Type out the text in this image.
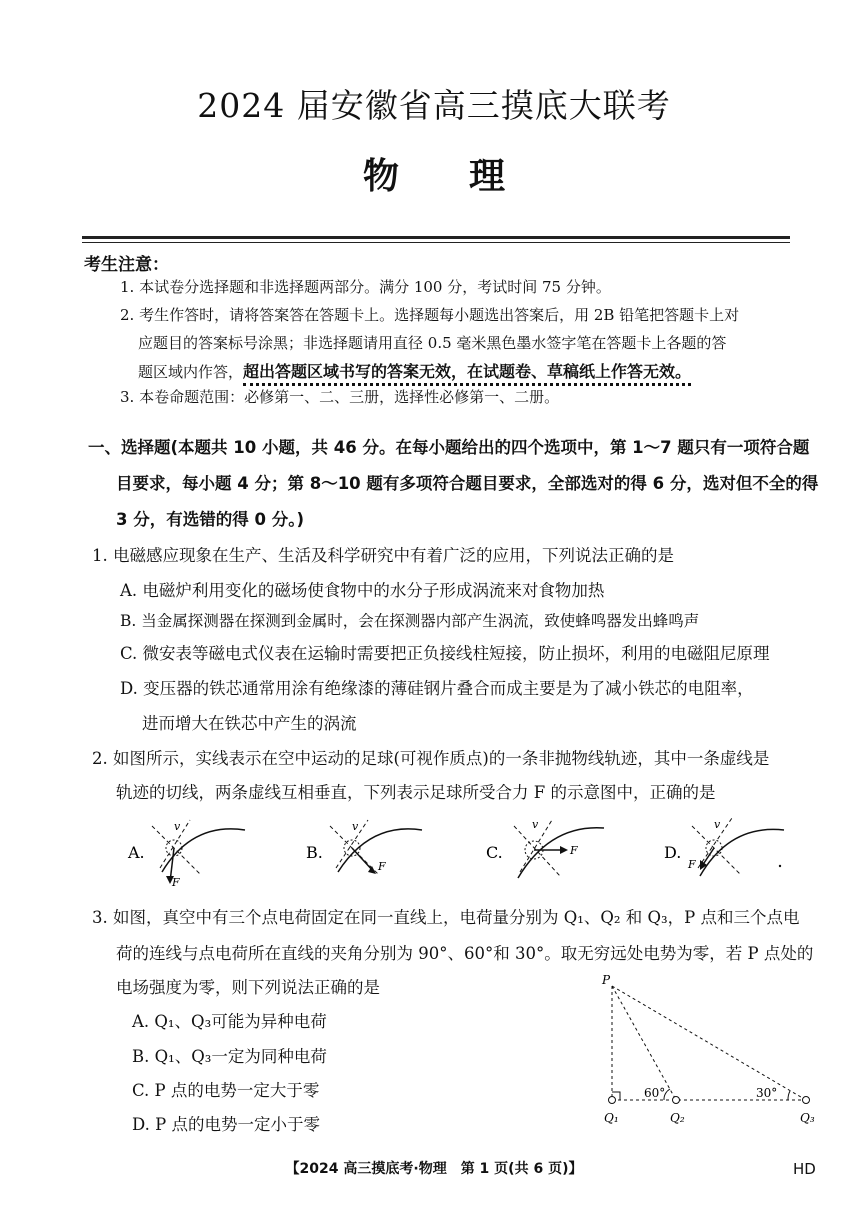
2024 届安徽省高三摸底大联考
物理
考生注意：
1. 本试卷分选择题和非选择题两部分。满分 100 分，考试时间 75 分钟。
2. 考生作答时，请将答案答在答题卡上。选择题每小题选出答案后，用 2B 铅笔把答题卡上对
应题目的答案标号涂黑；非选择题请用直径 0.5 毫米黑色墨水签字笔在答题卡上各题的答
题区域内作答，超出答题区域书写的答案无效，在试题卷、草稿纸上作答无效。
3. 本卷命题范围：必修第一、二、三册，选择性必修第一、二册。
一、选择题(本题共 10 小题，共 46 分。在每小题给出的四个选项中，第 1～7 题只有一项符合题
目要求，每小题 4 分；第 8～10 题有多项符合题目要求，全部选对的得 6 分，选对但不全的得
3 分，有选错的得 0 分。)
1. 电磁感应现象在生产、生活及科学研究中有着广泛的应用，下列说法正确的是
A. 电磁炉利用变化的磁场使食物中的水分子形成涡流来对食物加热
B. 当金属探测器在探测到金属时，会在探测器内部产生涡流，致使蜂鸣器发出蜂鸣声
C. 微安表等磁电式仪表在运输时需要把正负接线柱短接，防止损坏，利用的电磁阻尼原理
D. 变压器的铁芯通常用涂有绝缘漆的薄硅钢片叠合而成主要是为了减小铁芯的电阻率，
进而增大在铁芯中产生的涡流
2. 如图所示，实线表示在空中运动的足球(可视作质点)的一条非抛物线轨迹，其中一条虚线是
轨迹的切线，两条虚线互相垂直，下列表示足球所受合力 F 的示意图中，正确的是
A.
v
F
B.
v
F
C.
v
F	D.
v
F
3. 如图，真空中有三个点电荷固定在同一直线上，电荷量分别为 Q₁、Q₂ 和 Q₃，P 点和三个点电
荷的连线与点电荷所在直线的夹角分别为 90°、60°和 30°。取无穷远处电势为零，若 P 点处的
电场强度为零，则下列说法正确的是
A. Q₁、Q₃可能为异种电荷
B. Q₁、Q₃一定为同种电荷
C. P 点的电势一定大于零
D. P 点的电势一定小于零
P
Q₁	Q₂	Q₃
60°	30°
【2024 高三摸底考·物理　第 1 页(共 6 页)】	HD
